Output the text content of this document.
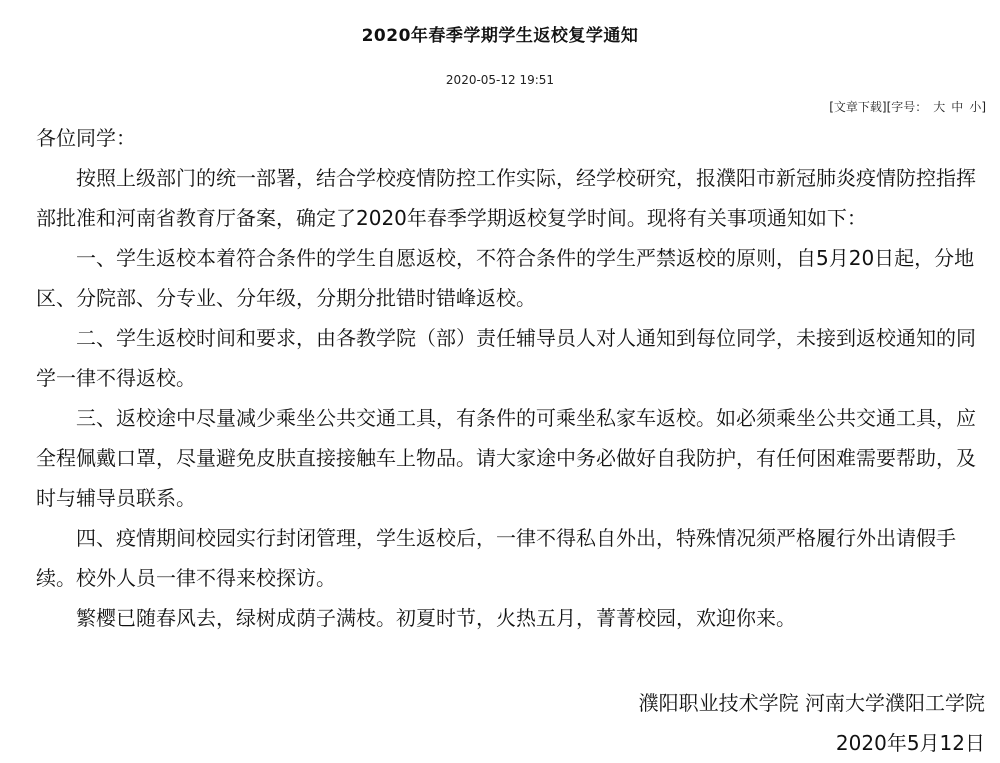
2020年春季学期学生返校复学通知
2020-05-12 19:51
[文章下载][字号： 大 中 小]

各位同学：

按照上级部门的统一部署，结合学校疫情防控工作实际，经学校研究，报濮阳市新冠肺炎疫情防控指挥部批准和河南省教育厅备案，确定了2020年春季学期返校复学时间。现将有关事项通知如下：

一、学生返校本着符合条件的学生自愿返校，不符合条件的学生严禁返校的原则，自5月20日起，分地区、分院部、分专业、分年级，分期分批错时错峰返校。

二、学生返校时间和要求，由各教学院（部）责任辅导员人对人通知到每位同学，未接到返校通知的同学一律不得返校。

三、返校途中尽量减少乘坐公共交通工具，有条件的可乘坐私家车返校。如必须乘坐公共交通工具，应全程佩戴口罩，尽量避免皮肤直接接触车上物品。请大家途中务必做好自我防护，有任何困难需要帮助，及时与辅导员联系。

四、疫情期间校园实行封闭管理，学生返校后，一律不得私自外出，特殊情况须严格履行外出请假手续。校外人员一律不得来校探访。

繁樱已随春风去，绿树成荫子满枝。初夏时节，火热五月，菁菁校园，欢迎你来。

濮阳职业技术学院 河南大学濮阳工学院
2020年5月12日
